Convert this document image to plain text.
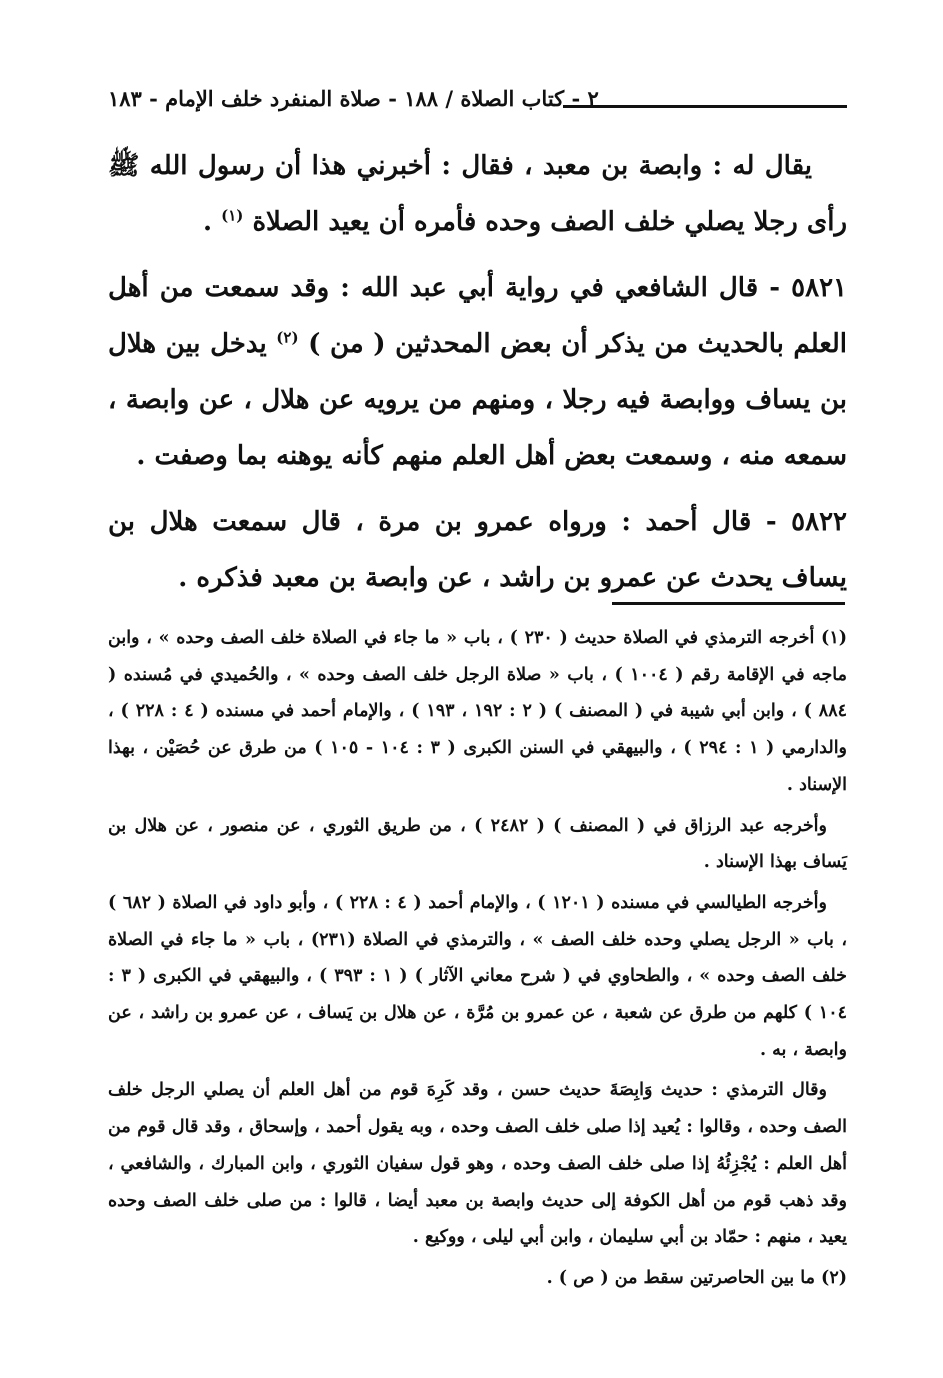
٢ - كتاب الصلاة / ١٨٨ - صلاة المنفرد خلف الإمام - ١٨٣

يقال له : وابصة بن معبد ، فقال : أخبرني هذا أن رسول الله ﷺ رأى رجلا يصلي خلف الصف وحده فأمره أن يعيد الصلاة $^{(١)}$ .

٥٨٢١ - قال الشافعي في رواية أبي عبد الله : وقد سمعت من أهل العلم بالحديث من يذكر أن بعض المحدثين ( من ) $^{(٢)}$ يدخل بين هلال بن يساف ووابصة فيه رجلا ، ومنهم من يرويه عن هلال ، عن وابصة ، سمعه منه ، وسمعت بعض أهل العلم منهم كأنه يوهنه بما وصفت .

٥٨٢٢ - قال أحمد : ورواه عمرو بن مرة ، قال سمعت هلال بن يساف يحدث عن عمرو بن راشد ، عن وابصة بن معبد فذكره .

(١) أخرجه الترمذي في الصلاة حديث ( ٢٣٠ ) ، باب « ما جاء في الصلاة خلف الصف وحده » ، وابن ماجه في الإقامة رقم ( ١٠٠٤ ) ، باب « صلاة الرجل خلف الصف وحده » ، والحُميدي في مُسنده ( ٨٨٤ ) ، وابن أبي شيبة في ( المصنف ) ( ٢ : ١٩٢ ، ١٩٣ ) ، والإمام أحمد في مسنده ( ٤ : ٢٢٨ ) ، والدارمي ( ١ : ٢٩٤ ) ، والبيهقي في السنن الكبرى ( ٣ : ١٠٤ - ١٠٥ ) من طرق عن حُصَيْن ، بهذا الإسناد .

وأخرجه عبد الرزاق في ( المصنف ) ( ٢٤٨٢ ) ، من طريق الثوري ، عن منصور ، عن هلال بن يَساف بهذا الإسناد .

وأخرجه الطيالسي في مسنده ( ١٢٠١ ) ، والإمام أحمد ( ٤ : ٢٢٨ ) ، وأبو داود في الصلاة ( ٦٨٢ ) ، باب « الرجل يصلي وحده خلف الصف » ، والترمذي في الصلاة (٢٣١) ، باب « ما جاء في الصلاة خلف الصف وحده » ، والطحاوي في ( شرح معاني الآثار ) ( ١ : ٣٩٣ ) ، والبيهقي في الكبرى ( ٣ : ١٠٤ ) كلهم من طرق عن شعبة ، عن عمرو بن مُرَّة ، عن هلال بن يَساف ، عن عمرو بن راشد ، عن وابصة ، به .

وقال الترمذي : حديث وَابِصَةَ حديث حسن ، وقد كَرِهَ قوم من أهل العلم أن يصلي الرجل خلف الصف وحده ، وقالوا : يُعيد إذا صلى خلف الصف وحده ، وبه يقول أحمد ، وإسحاق ، وقد قال قوم من أهل العلم : يُجْزِئُهُ إذا صلى خلف الصف وحده ، وهو قول سفيان الثوري ، وابن المبارك ، والشافعي ، وقد ذهب قوم من أهل الكوفة إلى حديث وابصة بن معبد أيضا ، قالوا : من صلى خلف الصف وحده يعيد ، منهم : حمّاد بن أبي سليمان ، وابن أبي ليلى ، ووكيع .

(٢) ما بين الحاصرتين سقط من ( ص ) .
